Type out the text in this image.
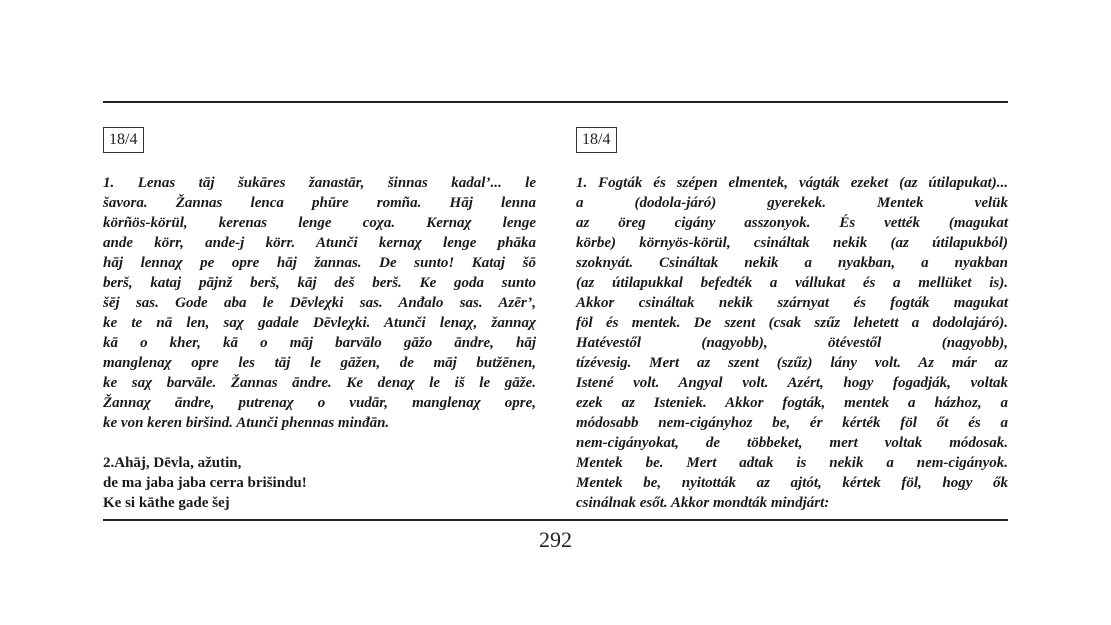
18/4
1. Lenas tāj šukāres žanastār, šinnas kadal’... le
šavora. Žannas lenca phūre romña. Hāj lenna
körñös-körül, kerenas lenge coχa. Kernaχ lenge
ande körr, ande-j körr. Atunči kernaχ lenge phāka
hāj lennaχ pe opre hāj žannas. De sunto! Kataj šō
berš, kataj pājnž berš, kāj deš berš. Ke goda sunto
šēj sas. Gode aba le Dēvleχki sas. Anđalo sas. Azēr’,
ke te nā len, saχ gadale Dēvleχki. Atunči lenaχ, žannaχ
kā o kher, kā o māj barvālo gāžo āndre, hāj
manglenaχ opre les tāj le gāžen, de māj butžēnen,
ke saχ barvāle. Žannas āndre. Ke denaχ le iš le gāže.
Žannaχ āndre, putrenaχ o vudār, manglenaχ opre,
ke von keren biršind. Atunči phennas minđān.
2.Ahāj, Dēvla, ažutin,
de ma jaba jaba cerra brišindu!
Ke si kāthe gade šej
18/4
1. Fogták és szépen elmentek, vágták ezeket (az útilapukat)...
a (dodola-járó) gyerekek. Mentek velük
az öreg cigány asszonyok. És vették (magukat
körbe) környös-körül, csináltak nekik (az útilapukból)
szoknyát. Csináltak nekik a nyakban, a nyakban
(az útilapukkal befedték a vállukat és a mellüket is).
Akkor csináltak nekik szárnyat és fogták magukat
föl és mentek. De szent (csak szűz lehetett a dodolajáró).
Hatévestől (nagyobb), ötévestől (nagyobb),
tízévesig. Mert az szent (szűz) lány volt. Az már az
Istené volt. Angyal volt. Azért, hogy fogadják, voltak
ezek az Isteniek. Akkor fogták, mentek a házhoz, a
módosabb nem-cigányhoz be, ér kérték föl őt és a
nem-cigányokat, de többeket, mert voltak módosak.
Mentek be. Mert adtak is nekik a nem-cigányok.
Mentek be, nyitották az ajtót, kértek föl, hogy ők
csinálnak esőt. Akkor mondták mindjárt:
292
